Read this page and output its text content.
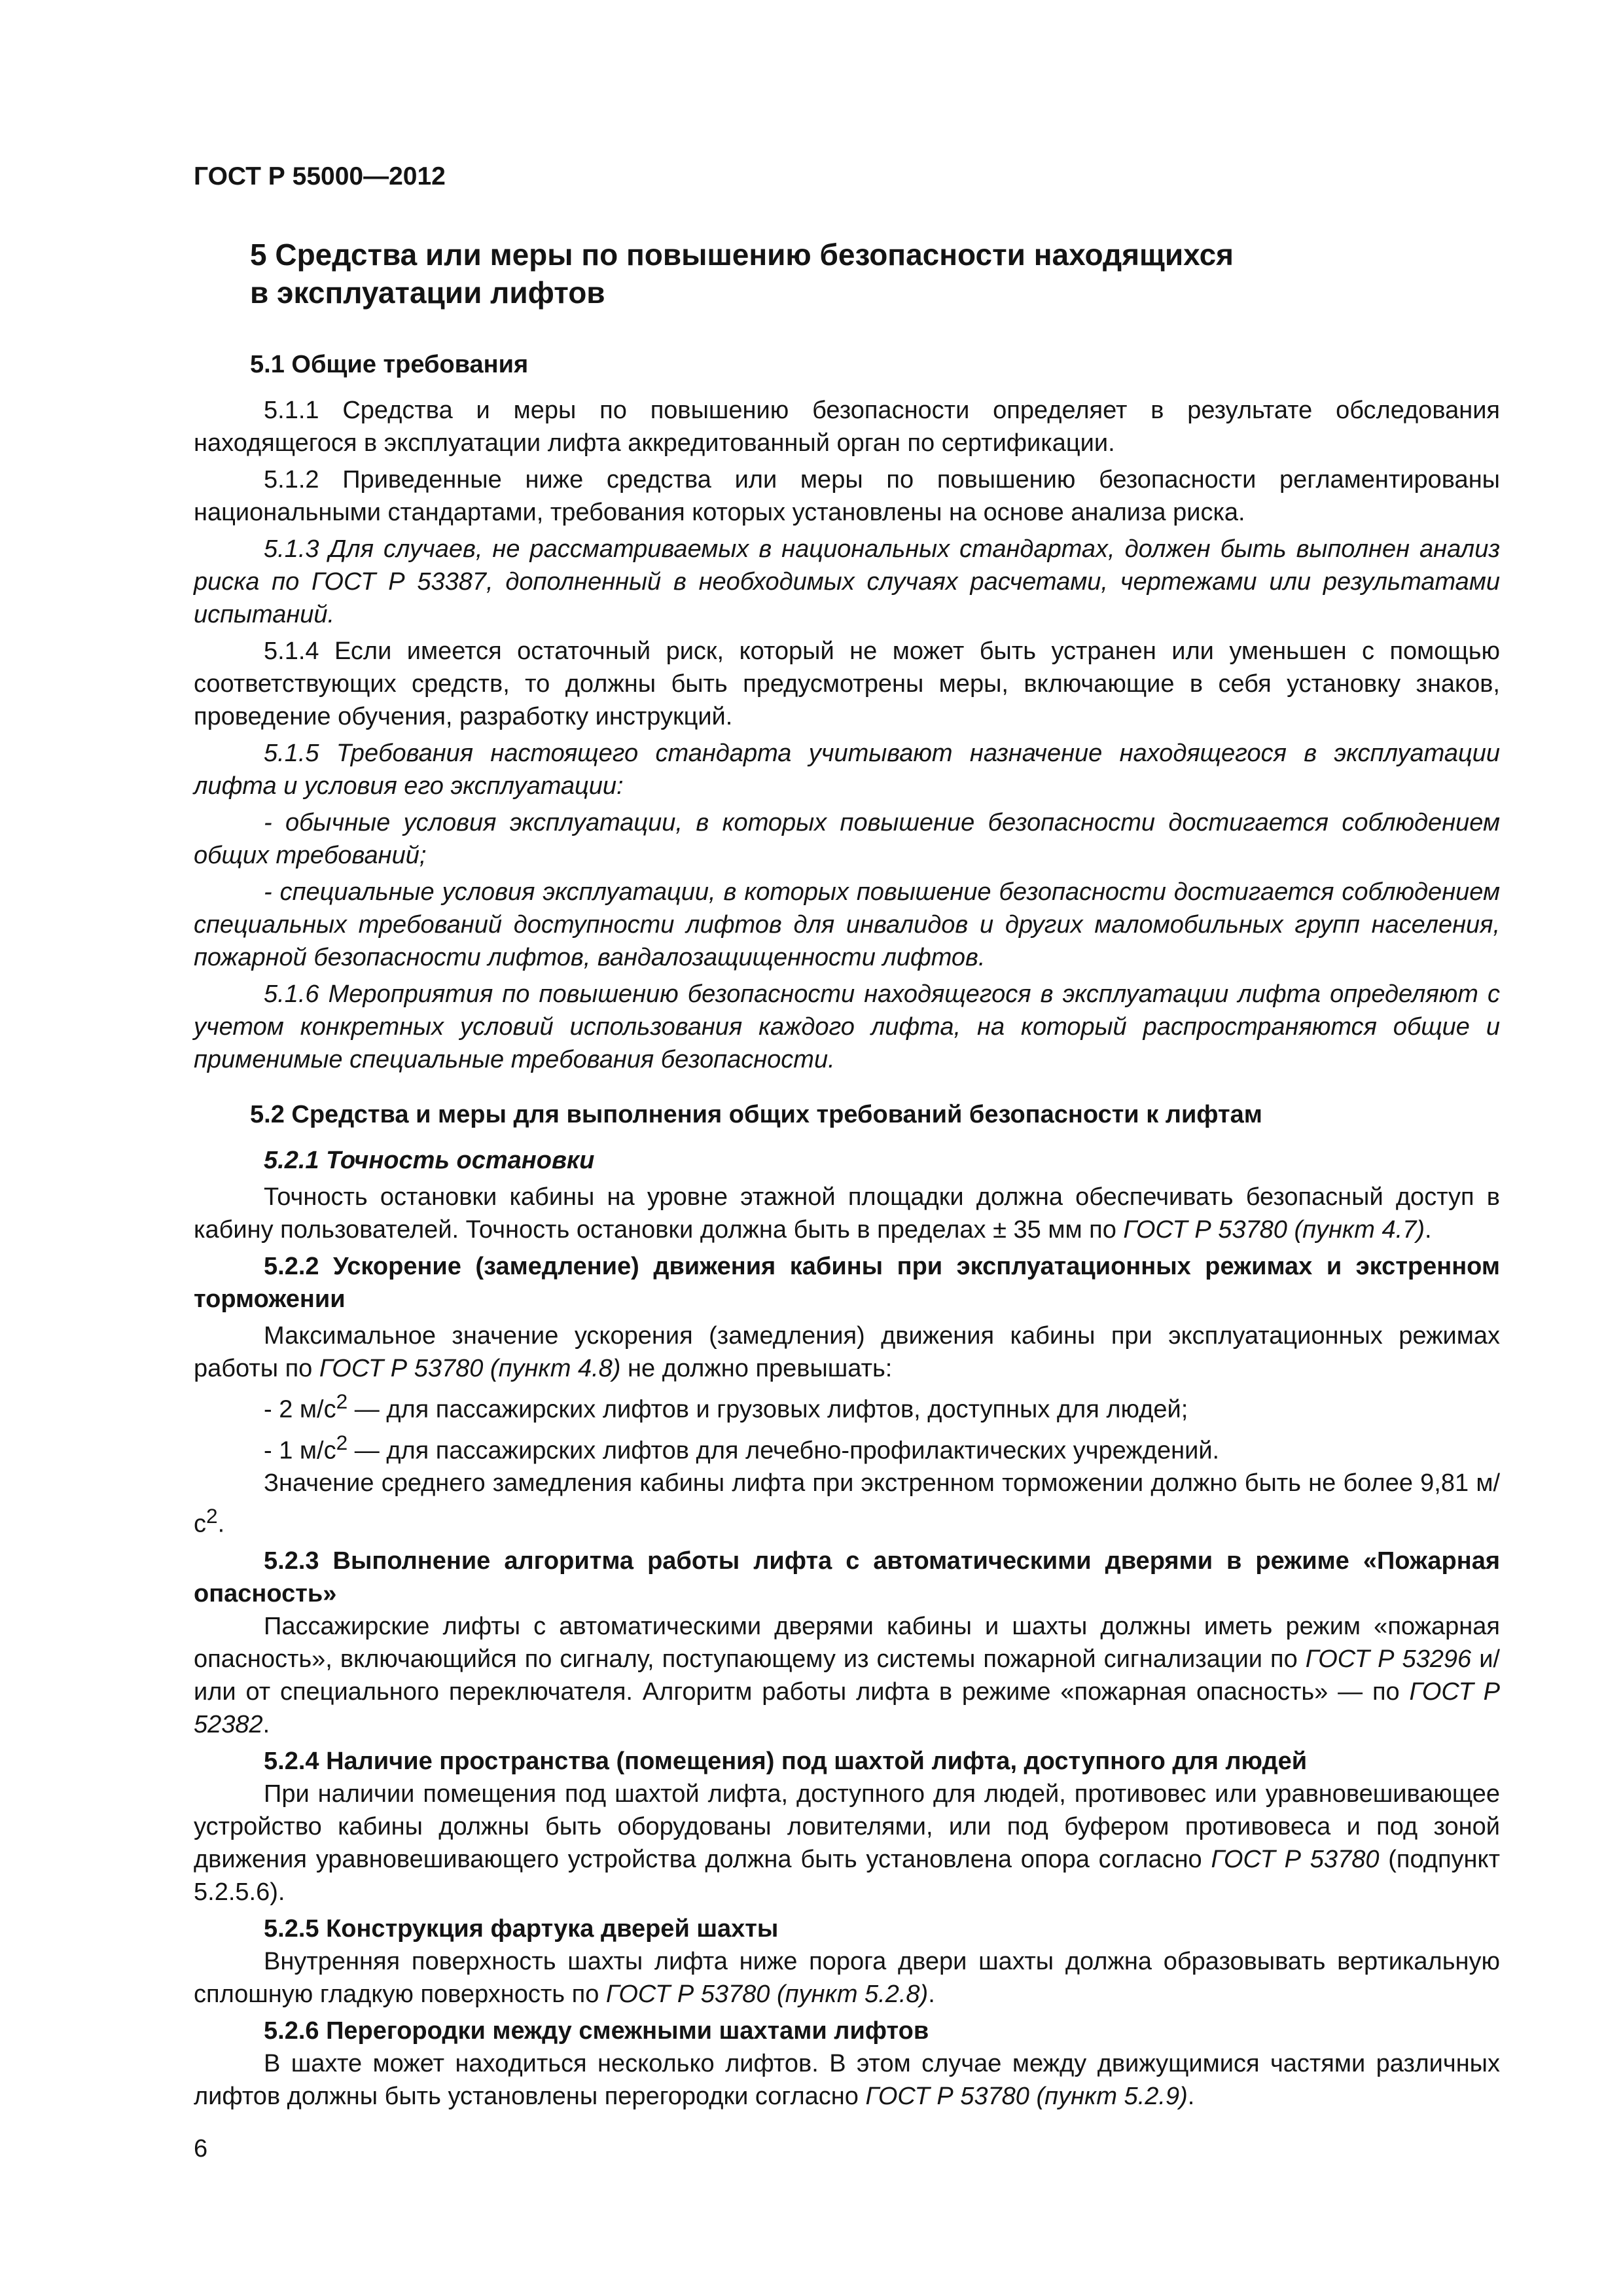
ГОСТ Р 55000—2012

5 Средства или меры по повышению безопасности находящихся
в эксплуатации лифтов

5.1 Общие требования

5.1.1 Средства и меры по повышению безопасности определяет в результате обследования находящегося в эксплуатации лифта аккредитованный орган по сертификации.

5.1.2 Приведенные ниже средства или меры по повышению безопасности регламентированы национальными стандартами, требования которых установлены на основе анализа риска.

5.1.3 Для случаев, не рассматриваемых в национальных стандартах, должен быть выполнен анализ риска по ГОСТ Р 53387, дополненный в необходимых случаях расчетами, чертежами или результатами испытаний.

5.1.4 Если имеется остаточный риск, который не может быть устранен или уменьшен с помощью соответствующих средств, то должны быть предусмотрены меры, включающие в себя установку знаков, проведение обучения, разработку инструкций.

5.1.5 Требования настоящего стандарта учитывают назначение находящегося в эксплуатации лифта и условия его эксплуатации:

- обычные условия эксплуатации, в которых повышение безопасности достигается соблюдением общих требований;

- специальные условия эксплуатации, в которых повышение безопасности достигается соблюдением специальных требований доступности лифтов для инвалидов и других маломобильных групп населения, пожарной безопасности лифтов, вандалозащищенности лифтов.

5.1.6 Мероприятия по повышению безопасности находящегося в эксплуатации лифта определяют с учетом конкретных условий использования каждого лифта, на который распространяются общие и применимые специальные требования безопасности.

5.2 Средства и меры для выполнения общих требований безопасности к лифтам

5.2.1 Точность остановки

Точность остановки кабины на уровне этажной площадки должна обеспечивать безопасный доступ в кабину пользователей. Точность остановки должна быть в пределах ± 35 мм по ГОСТ Р 53780 (пункт 4.7).

5.2.2 Ускорение (замедление) движения кабины при эксплуатационных режимах и экстренном торможении

Максимальное значение ускорения (замедления) движения кабины при эксплуатационных режимах работы по ГОСТ Р 53780 (пункт 4.8) не должно превышать:

- 2 $м/с^2$ — для пассажирских лифтов и грузовых лифтов, доступных для людей;

- 1 $м/с^2$ — для пассажирских лифтов для лечебно-профилактических учреждений.

Значение среднего замедления кабины лифта при экстренном торможении должно быть не более 9,81 $м/с^2$.

5.2.3 Выполнение алгоритма работы лифта с автоматическими дверями в режиме «Пожарная опасность»

Пассажирские лифты с автоматическими дверями кабины и шахты должны иметь режим «пожарная опасность», включающийся по сигналу, поступающему из системы пожарной сигнализации по ГОСТ Р 53296 и/или от специального переключателя. Алгоритм работы лифта в режиме «пожарная опасность» — по ГОСТ Р 52382.

5.2.4 Наличие пространства (помещения) под шахтой лифта, доступного для людей

При наличии помещения под шахтой лифта, доступного для людей, противовес или уравновешивающее устройство кабины должны быть оборудованы ловителями, или под буфером противовеса и под зоной движения уравновешивающего устройства должна быть установлена опора согласно ГОСТ Р 53780 (подпункт 5.2.5.6).

5.2.5 Конструкция фартука дверей шахты

Внутренняя поверхность шахты лифта ниже порога двери шахты должна образовывать вертикальную сплошную гладкую поверхность по ГОСТ Р 53780 (пункт 5.2.8).

5.2.6 Перегородки между смежными шахтами лифтов

В шахте может находиться несколько лифтов. В этом случае между движущимися частями различных лифтов должны быть установлены перегородки согласно ГОСТ Р 53780 (пункт 5.2.9).

6
